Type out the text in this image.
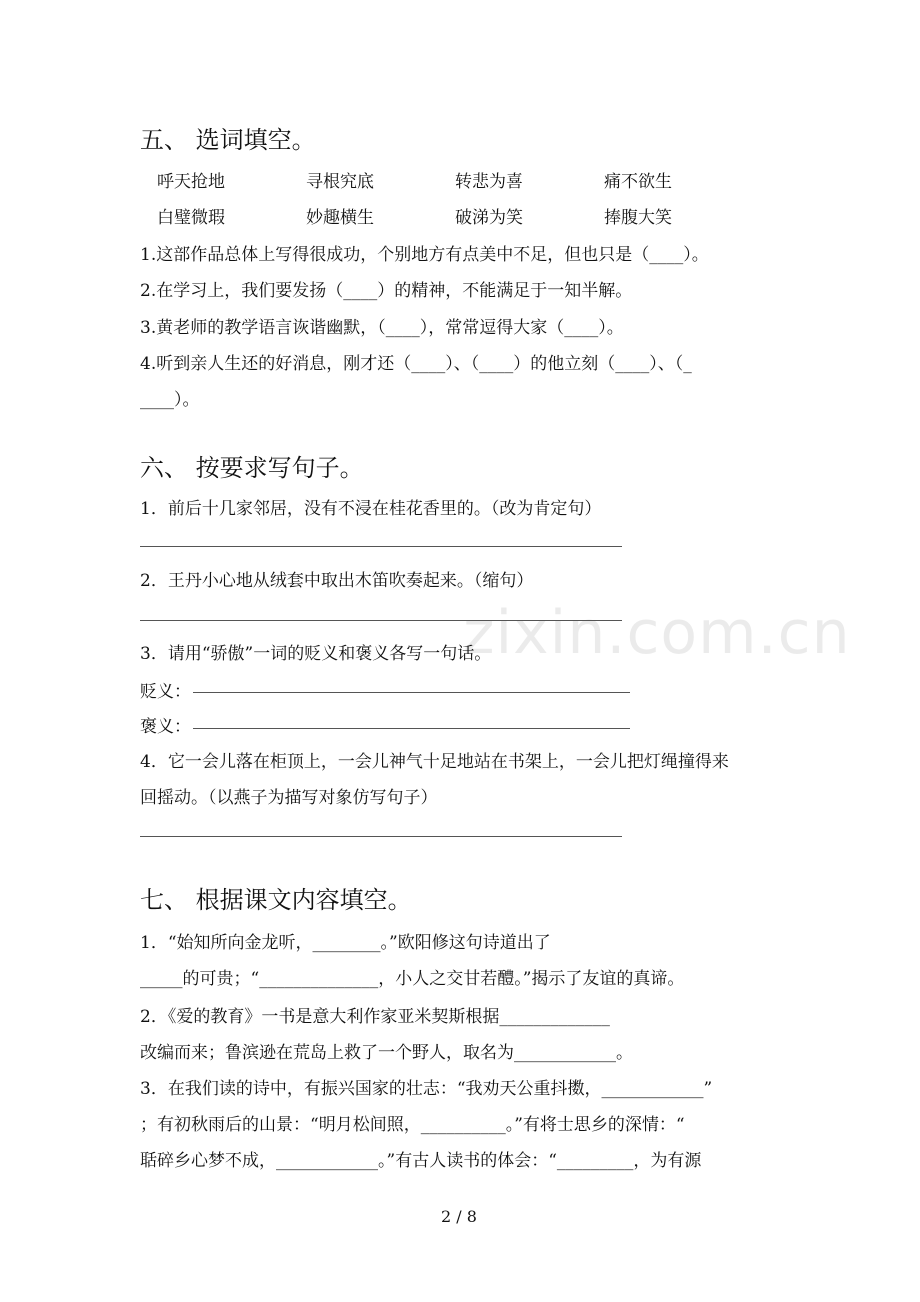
zixin.com.cn
五、 选词填空。
呼天抢地	寻根究底	转悲为喜	痛不欲生
白璧微瑕	妙趣横生	破涕为笑	捧腹大笑
1.这部作品总体上写得很成功，个别地方有点美中不足，但也只是（____）。
2.在学习上，我们要发扬（____）的精神，不能满足于一知半解。
3.黄老师的教学语言诙谐幽默，（____），常常逗得大家（____）。
4.听到亲人生还的好消息，刚才还（____）、（____）的他立刻（____）、（_
____）。
六、 按要求写句子。
1．前后十几家邻居，没有不浸在桂花香里的。（改为肯定句）
2．王丹小心地从绒套中取出木笛吹奏起来。（缩句）
3．请用“骄傲”一词的贬义和褒义各写一句话。
贬义：
褒义：
4．它一会儿落在柜顶上，一会儿神气十足地站在书架上，一会儿把灯绳撞得来
回摇动。（以燕子为描写对象仿写句子）
七、 根据课文内容填空。
1．“始知所向金龙听，________。”欧阳修这句诗道出了
_____的可贵；“______________，小人之交甘若醴。”揭示了友谊的真谛。
2．《爱的教育》一书是意大利作家亚米契斯根据_____________
改编而来；鲁滨逊在荒岛上救了一个野人，取名为____________。
3．在我们读的诗中，有振兴国家的壮志：“我劝天公重抖擞，____________”
；有初秋雨后的山景：“明月松间照，__________。”有将士思乡的深情：“
聒碎乡心梦不成，____________。”有古人读书的体会：“_________，为有源
2 / 8
